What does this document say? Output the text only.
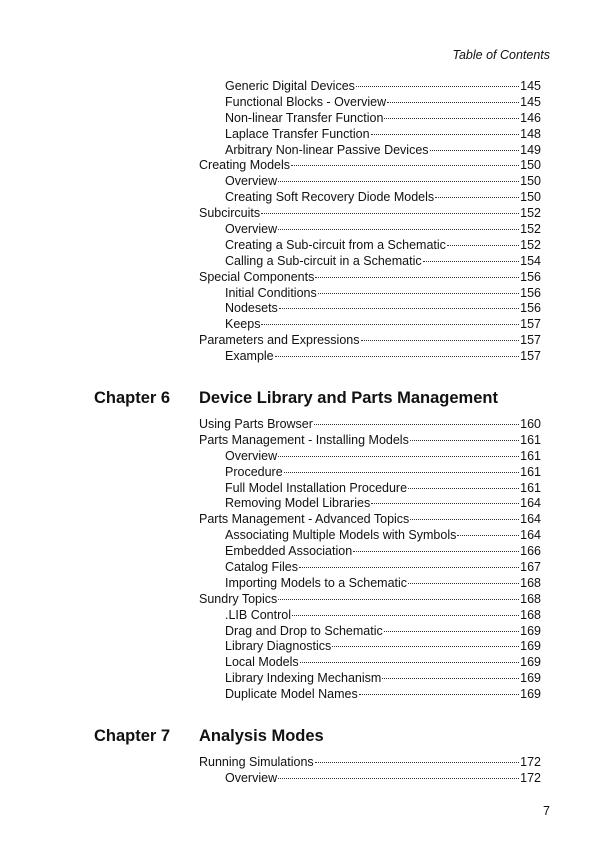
Table of Contents
Generic Digital Devices	145
Functional Blocks - Overview	145
Non-linear Transfer Function	146
Laplace Transfer Function	148
Arbitrary Non-linear Passive Devices	149
Creating Models	150
Overview	150
Creating Soft Recovery Diode Models	150
Subcircuits	152
Overview	152
Creating a Sub-circuit from a Schematic	152
Calling a Sub-circuit in a Schematic	154
Special Components	156
Initial Conditions	156
Nodesets	156
Keeps	157
Parameters and Expressions	157
Example	157
Chapter 6 Device Library and Parts Management
Using Parts Browser	160
Parts Management - Installing Models	161
Overview	161
Procedure	161
Full Model Installation Procedure	161
Removing Model Libraries	164
Parts Management - Advanced Topics	164
Associating Multiple Models with Symbols	164
Embedded Association	166
Catalog Files	167
Importing Models to a Schematic	168
Sundry Topics	168
.LIB Control	168
Drag and Drop to Schematic	169
Library Diagnostics	169
Local Models	169
Library Indexing Mechanism	169
Duplicate Model Names	169
Chapter 7 Analysis Modes
Running Simulations	172
Overview	172
7
